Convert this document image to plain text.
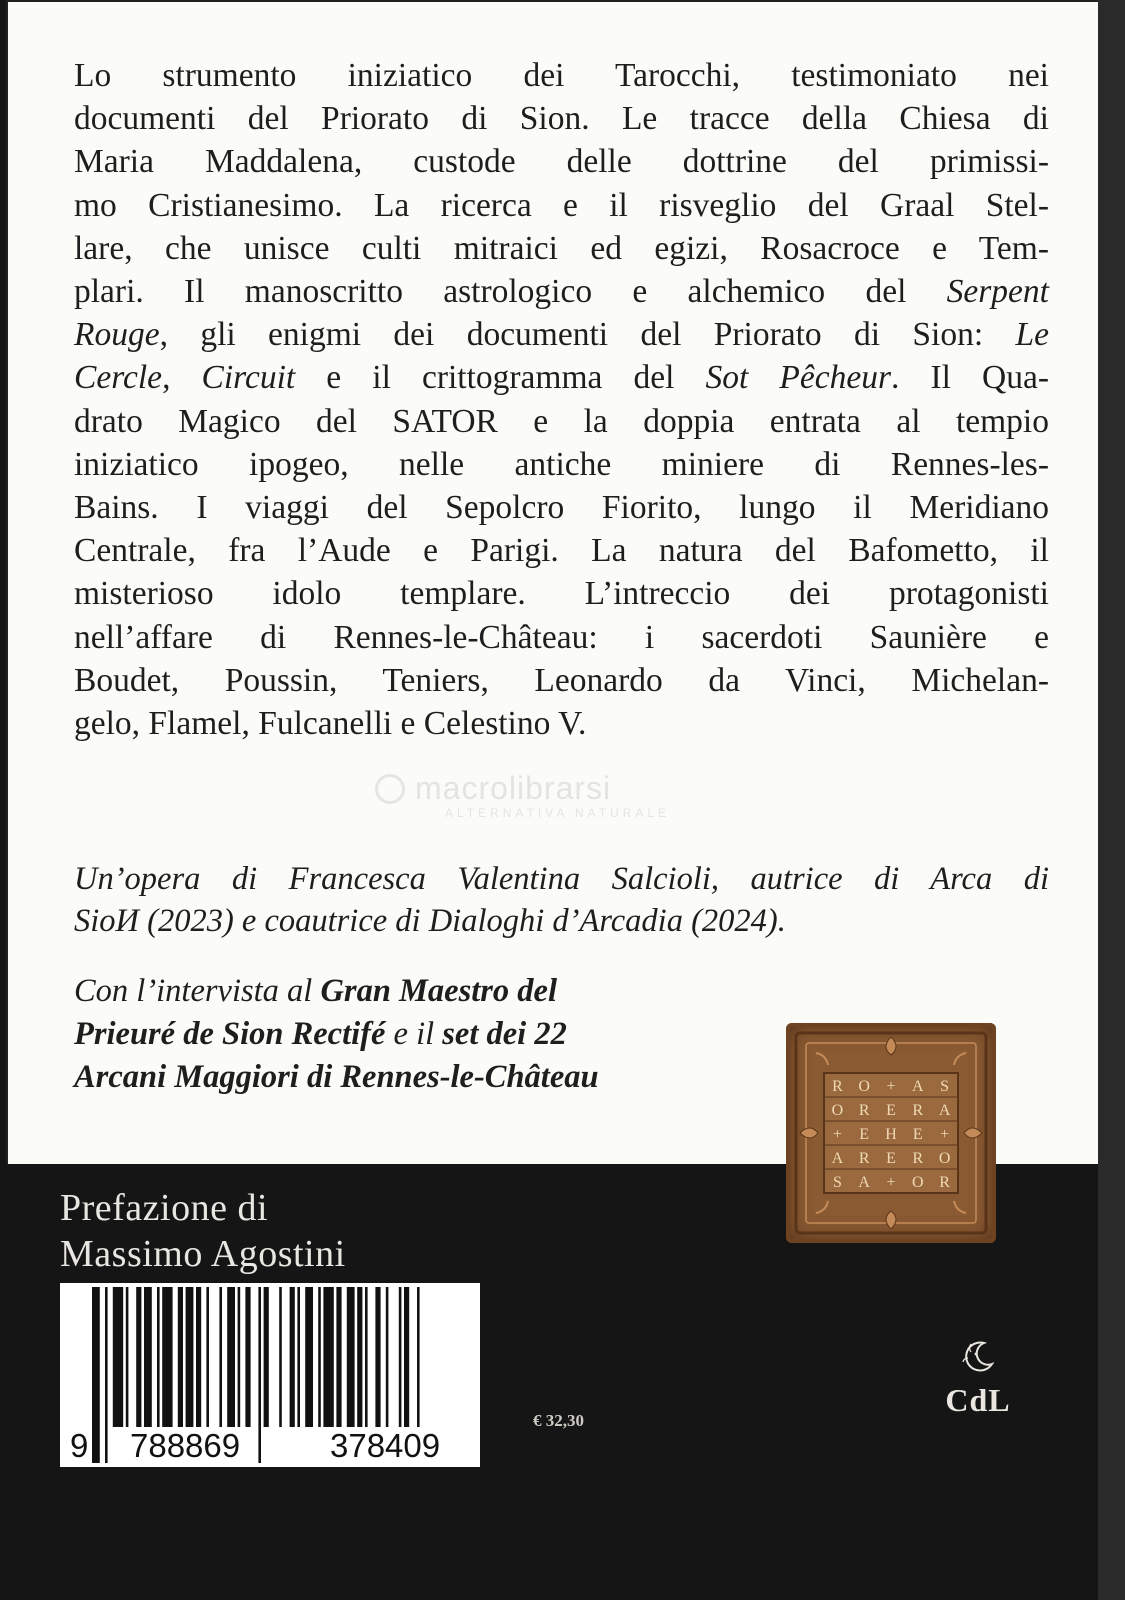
Lo strumento iniziatico dei Tarocchi, testimoniato nei
documenti del Priorato di Sion. Le tracce della Chiesa di
Maria Maddalena, custode delle dottrine del primissi-
mo Cristianesimo. La ricerca e il risveglio del Graal Stel-
lare, che unisce culti mitraici ed egizi, Rosacroce e Tem-
plari. Il manoscritto astrologico e alchemico del Serpent
Rouge, gli enigmi dei documenti del Priorato di Sion: Le
Cercle, Circuit e il crittogramma del Sot Pêcheur. Il Qua-
drato Magico del SATOR e la doppia entrata al tempio
iniziatico ipogeo, nelle antiche miniere di Rennes-les-
Bains. I viaggi del Sepolcro Fiorito, lungo il Meridiano
Centrale, fra l’Aude e Parigi. La natura del Bafometto, il
misterioso idolo templare. L’intreccio dei protagonisti
nell’affare di Rennes-le-Château: i sacerdoti Saunière e
Boudet, Poussin, Teniers, Leonardo da Vinci, Michelan-
gelo, Flamel, Fulcanelli e Celestino V.
macrolibrarsi
ALTERNATIVA NATURALE
Un’opera di Francesca Valentina Salcioli, autrice di Arca di
SioИ (2023) e coautrice di Dialoghi d’Arcadia (2024).
Con l’intervista al Gran Maestro del
Prieuré de Sion Rectifé e il set dei 22
Arcani Maggiori di Rennes-le-Château	R O + A S
O R E R A
+ E H E +
A R E R O
S A + O R
Prefazione di
Massimo Agostini
9 788869	378409
€ 32,30
CdL
